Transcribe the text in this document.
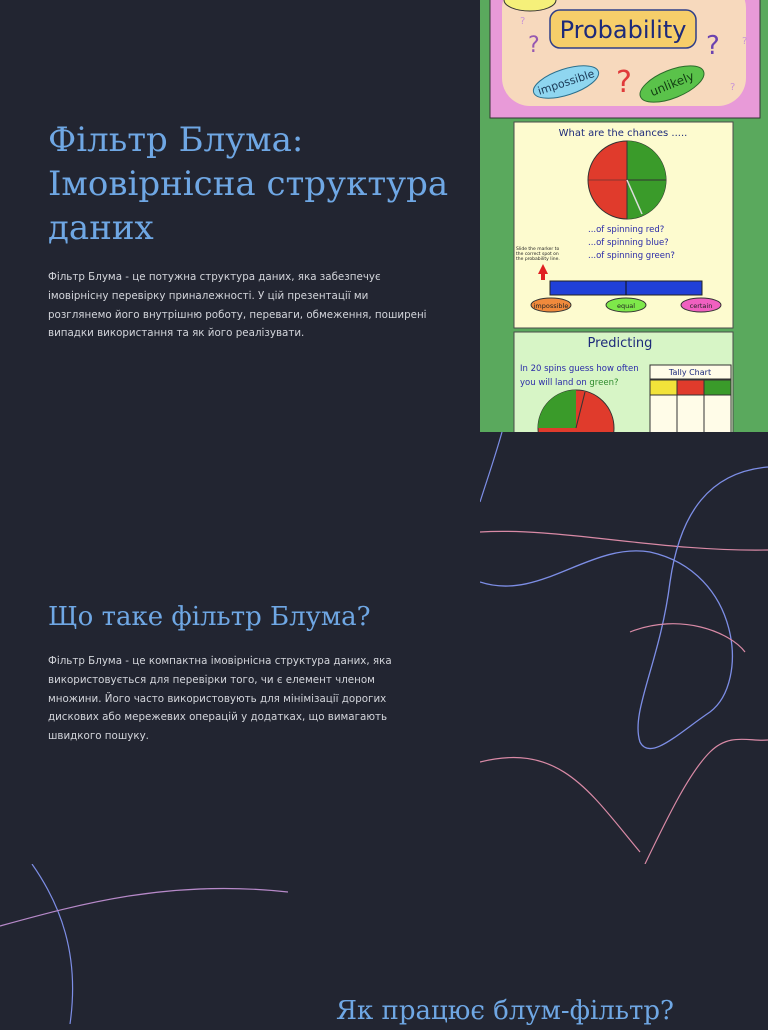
Фільтр Блума: Імовірнісна структура даних

Фільтр Блума - це потужна структура даних, яка забезпечує імовірнісну перевірку приналежності. У цій презентації ми розглянемо його внутрішню роботу, переваги, обмеження, поширені випадки використання та як його реалізувати.

?	?
?
?
?
?
Probability
impossible	unlikely
What are the chances .....
...of spinning red?
...of spinning blue?
...of spinning green?
Slide the marker to
the correct spot on
the probability line.
impossible	equal	certain
Predicting
In 20 spins guess how often
you will land on green?
Tally Chart
Що таке фільтр Блума?

Фільтр Блума - це компактна імовірнісна структура даних, яка використовується для перевірки того, чи є елемент членом множини. Його часто використовують для мінімізації дорогих дискових або мережевих операцій у додатках, що вимагають швидкого пошуку.

Як працює блум-фільтр?
